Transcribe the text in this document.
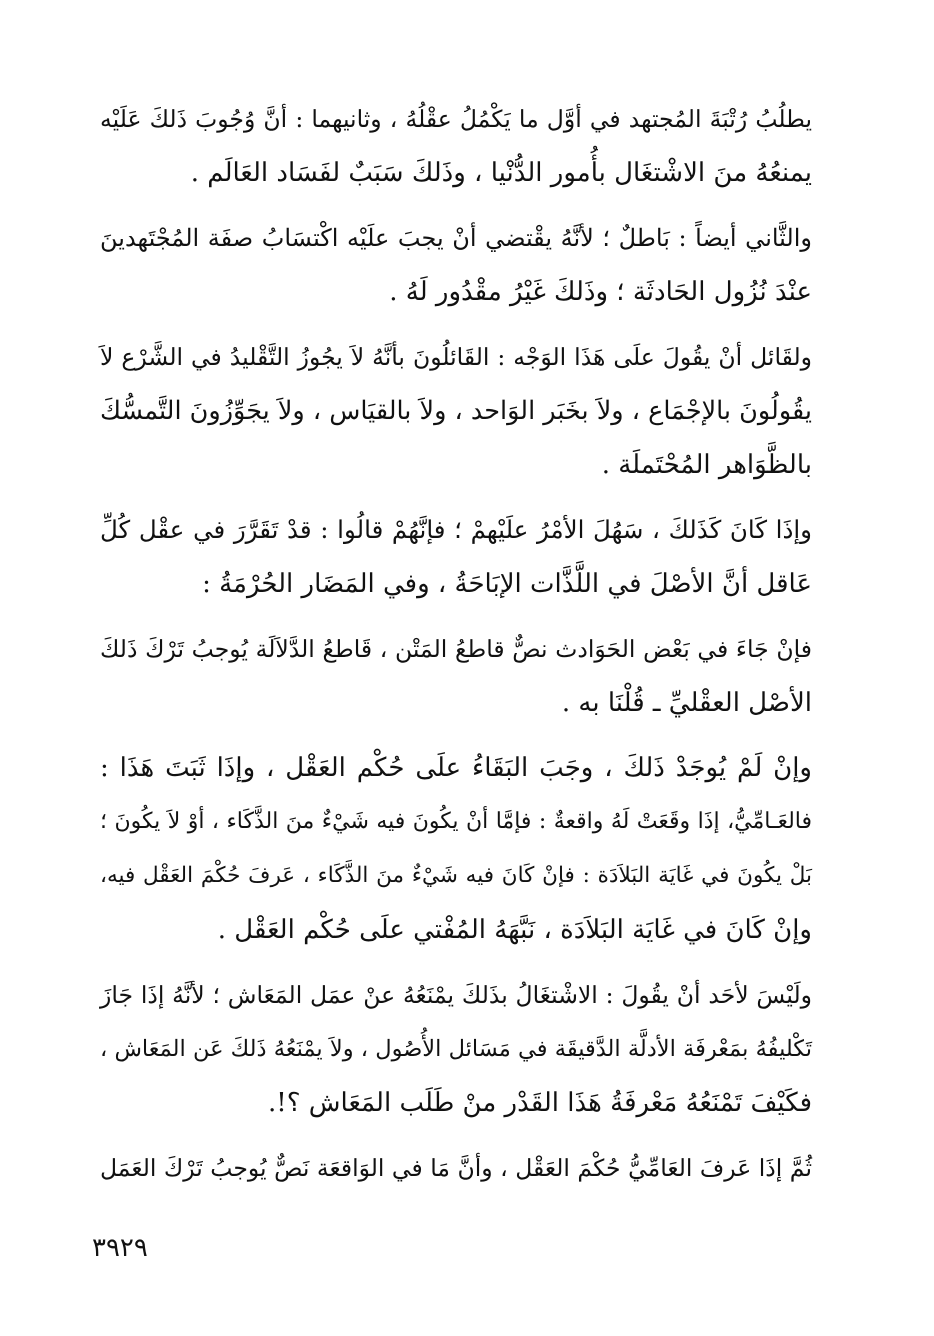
يطلُبُ رُتْبَةَ المُجتهد في أوَّل ما يَكْمُلُ عقْلُهُ ، وثانيهما : أنَّ وُجُوبَ ذَلكَ عَلَيْه
يمنعُهُ منَ الاشْتغَال بأُمور الدُّنْيا ، وذَلكَ سَبَبٌ لفَسَاد العَالَم .
والثَّاني أيضاً : بَاطلٌ ؛ لأنَّهُ يقْتضي أنْ يجبَ علَيْه اكْتسَابُ صفَة المُجْتَهدينَ
عنْدَ نُزُول الحَادثَة ؛ وذَلكَ غَيْرُ مقْدُور لَهُ .
ولقَائل أنْ يقُولَ علَى هَذَا الوَجْه : القَائلُونَ بأنَّهُ لاَ يجُوزُ التَّقْليدُ في الشَّرْع لاَ
يقُولُونَ بالإجْمَاع ، ولاَ بخَبَر الوَاحد ، ولاَ بالقيَاس ، ولاَ يجَوِّزُونَ التَّمسُّكَ
بالظَّوَاهر المُحْتَملَة .
وإذَا كَانَ كَذَلكَ ، سَهُلَ الأمْرُ علَيْهمْ ؛ فإنَّهُمْ قالُوا : قدْ تَقَرَّرَ في عقْل كُلِّ
عَاقل أنَّ الأصْلَ في اللَّذَّات الإبَاحَةُ ، وفي المَضَار الحُرْمَةُ :
فإنْ جَاءَ في بَعْض الحَوَادث نصٌّ قاطعُ المَتْن ، قَاطعُ الدَّلاَلَة يُوجبُ تَرْكَ ذَلكَ
الأصْل العقْليِّ ـ قُلْنَا به .
وإنْ لَمْ يُوجَدْ ذَلكَ ، وجَبَ البَقَاءُ علَى حُكْم العَقْل ، وإذَا ثَبَتَ هَذَا :
فالعَـامِّيُّ، إذَا وقَعَتْ لَهُ واقعةٌ : فإمَّا أنْ يكُونَ فيه شَيْءٌ منَ الذَّكَاء ، أوْ لاَ يكُونَ ؛
بَلْ يكُونَ في غَايَة البَلاَدَة : فإنْ كَانَ فيه شَيْءٌ منَ الذَّكَاء ، عَرفَ حُكْمَ العَقْل فيه،
وإنْ كَانَ في غَايَة البَلاَدَة ، نَبَّهَهُ المُفْتي علَى حُكْم العَقْل .
ولَيْسَ لأحَد أنْ يقُولَ : الاشْتغَالُ بذَلكَ يمْنَعُهُ عنْ عمَل المَعَاش ؛ لأنَّهُ إذَا جَازَ
تَكْليفُهُ بمَعْرفَة الأدلَّة الدَّقيقَة في مَسَائل الأُصُول ، ولاَ يمْنَعُهُ ذَلكَ عَن المَعَاش ،
فكَيْفَ تَمْنَعُهُ مَعْرفَةُ هَذَا القَدْر منْ طَلَب المَعَاش ؟!.
ثُمَّ إذَا عَرفَ العَامِّيُّ حُكْمَ العَقْل ، وأنَّ مَا في الوَاقعَة نَصٌّ يُوجبُ تَرْكَ العَمَل
٣٩٢٩
